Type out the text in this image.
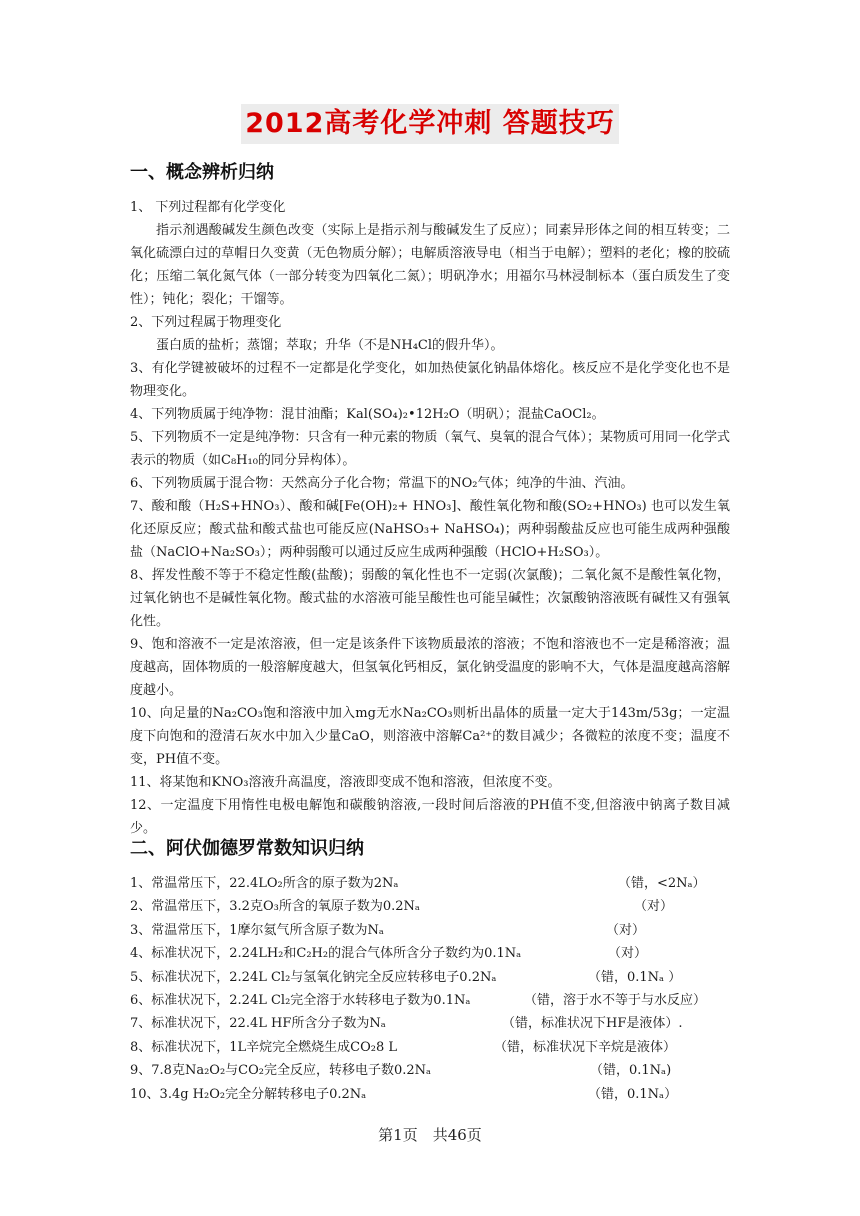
2012高考化学冲刺 答题技巧
一、概念辨析归纳

1、 下列过程都有化学变化

指示剂遇酸碱发生颜色改变（实际上是指示剂与酸碱发生了反应）；同素异形体之间的相互转变；二氧化硫漂白过的草帽日久变黄（无色物质分解）；电解质溶液导电（相当于电解）；塑料的老化；橡的胶硫化；压缩二氧化氮气体（一部分转变为四氧化二氮）；明矾净水；用福尔马林浸制标本（蛋白质发生了变性）；钝化；裂化；干馏等。

2、下列过程属于物理变化

蛋白质的盐析；蒸馏；萃取；升华（不是NH₄Cl的假升华）。

3、有化学键被破坏的过程不一定都是化学变化，如加热使氯化钠晶体熔化。核反应不是化学变化也不是物理变化。

4、下列物质属于纯净物：混甘油酯；Kal(SO₄)₂•12H₂O（明矾）；混盐CaOCl₂。

5、下列物质不一定是纯净物：只含有一种元素的物质（氧气、臭氧的混合气体）；某物质可用同一化学式表示的物质（如C₈H₁₀的同分异构体）。

6、下列物质属于混合物：天然高分子化合物；常温下的NO₂气体；纯净的牛油、汽油。

7、酸和酸（H₂S+HNO₃）、酸和碱[Fe(OH)₂+ HNO₃]、酸性氧化物和酸(SO₂+HNO₃) 也可以发生氧化还原反应；酸式盐和酸式盐也可能反应(NaHSO₃+ NaHSO₄)；两种弱酸盐反应也可能生成两种强酸盐（NaClO+Na₂SO₃）；两种弱酸可以通过反应生成两种强酸（HClO+H₂SO₃）。

8、挥发性酸不等于不稳定性酸(盐酸)；弱酸的氧化性也不一定弱(次氯酸)；二氧化氮不是酸性氧化物，过氧化钠也不是碱性氧化物。酸式盐的水溶液可能呈酸性也可能呈碱性；次氯酸钠溶液既有碱性又有强氧化性。

9、饱和溶液不一定是浓溶液，但一定是该条件下该物质最浓的溶液；不饱和溶液也不一定是稀溶液；温度越高，固体物质的一般溶解度越大，但氢氧化钙相反，氯化钠受温度的影响不大，气体是温度越高溶解度越小。

10、向足量的Na₂CO₃饱和溶液中加入mg无水Na₂CO₃则析出晶体的质量一定大于143m/53g；一定温度下向饱和的澄清石灰水中加入少量CaO，则溶液中溶解Ca²⁺的数目减少；各微粒的浓度不变；温度不变，PH值不变。

11、将某饱和KNO₃溶液升高温度，溶液即变成不饱和溶液，但浓度不变。

12、一定温度下用惰性电极电解饱和碳酸钠溶液,一段时间后溶液的PH值不变,但溶液中钠离子数目减少。

二、阿伏伽德罗常数知识归纳
1、常温常压下，22.4LO₂所含的原子数为2Nₐ	（错，<2Nₐ）
2、常温常压下，3.2克O₃所含的氧原子数为0.2Nₐ	（对）
3、常温常压下，1摩尔氦气所含原子数为Nₐ	（对）
4、标准状况下，2.24LH₂和C₂H₂的混合气体所含分子数约为0.1Nₐ	（对）
5、标准状况下，2.24L Cl₂与氢氧化钠完全反应转移电子0.2Nₐ	（错，0.1Nₐ ）
6、标准状况下，2.24L Cl₂完全溶于水转移电子数为0.1Nₐ	（错，溶于水不等于与水反应）
7、标准状况下，22.4L HF所含分子数为Nₐ	（错，标准状况下HF是液体）.
8、标准状况下，1L辛烷完全燃烧生成CO₂8 L	（错，标准状况下辛烷是液体）
9、7.8克Na₂O₂与CO₂完全反应，转移电子数0.2Nₐ	（错，0.1Nₐ)
10、3.4g H₂O₂完全分解转移电子0.2Nₐ	（错，0.1Nₐ）
第1页　共46页
